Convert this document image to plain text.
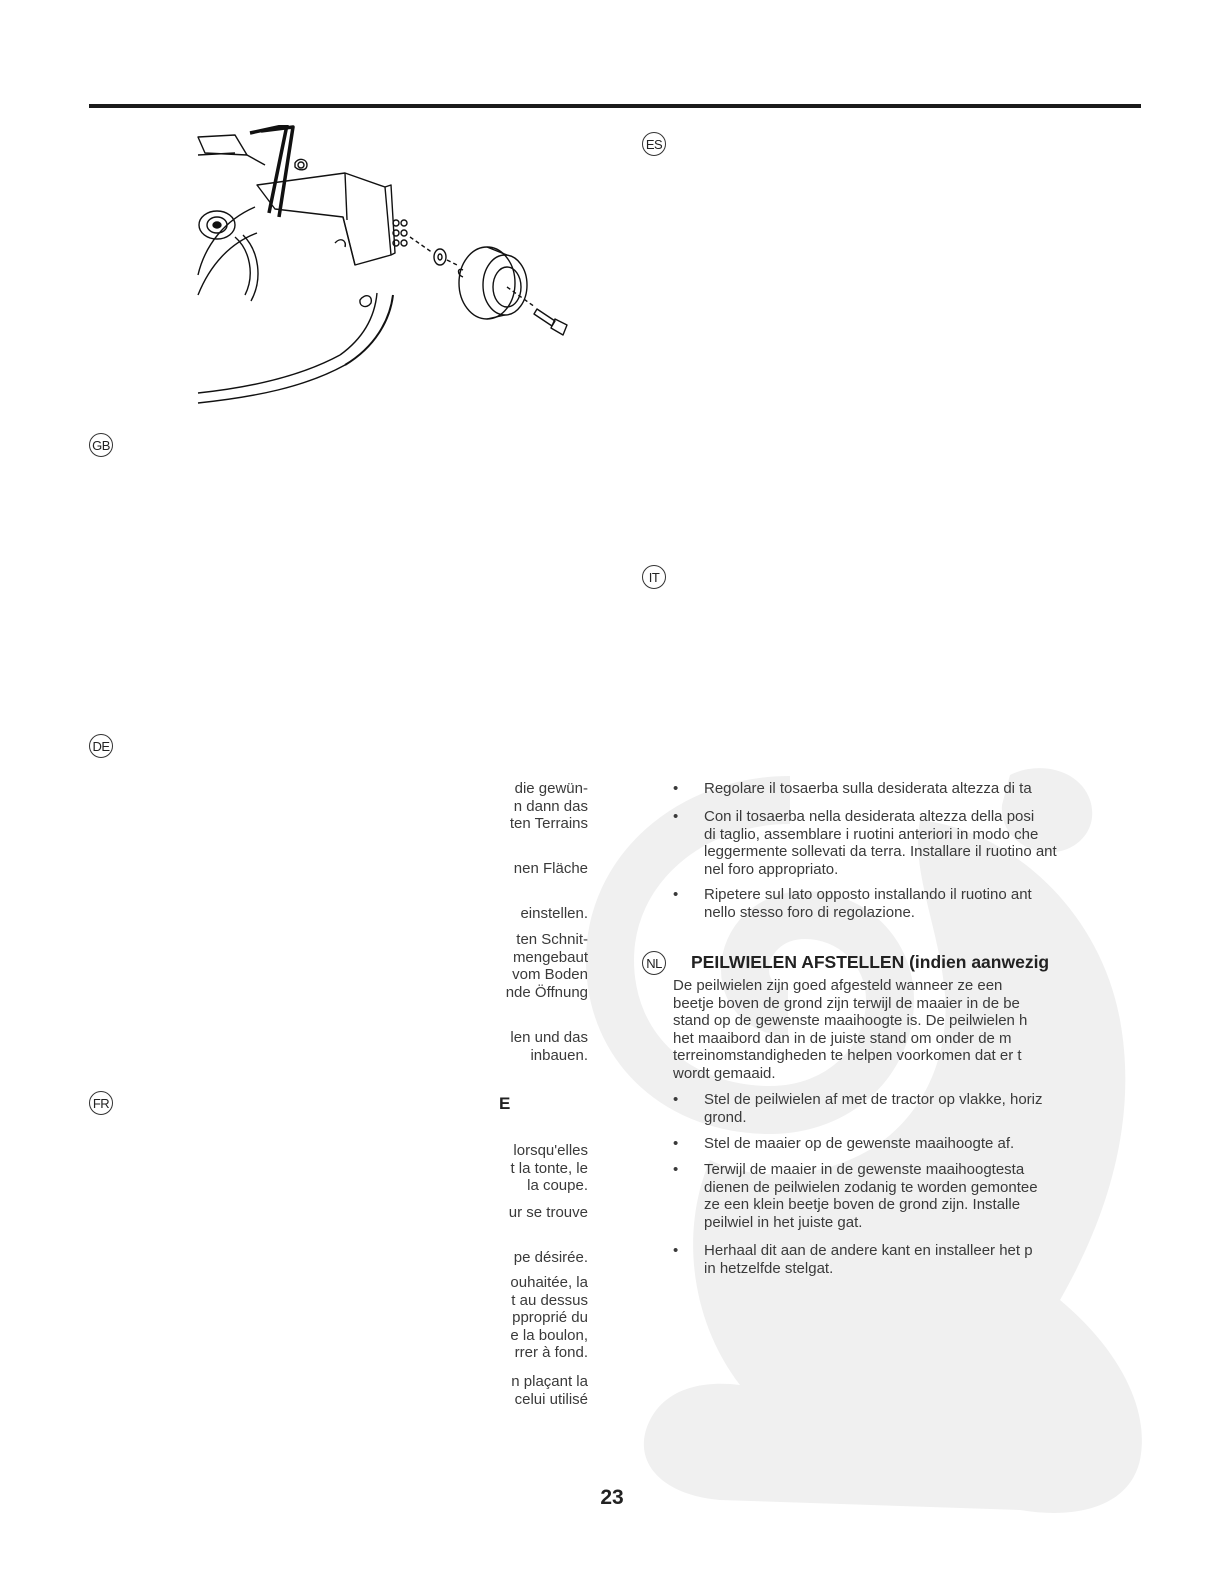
GB
DE
FR
ES
IT
NL
die gewün-
n dann das
ten Terrains
nen Fläche
einstellen.
ten Schnit-
mengebaut
vom Boden
nde Öffnung
len und das
inbauen.
E
lorsqu'elles
t la tonte, le
la coupe.
ur se trouve
pe désirée.
ouhaitée, la
t au dessus
pproprié du
e la boulon,
rrer à fond.
n plaçant la
celui utilisé
• Regolare il tosaerba sulla desiderata altezza di ta
• Con il tosaerba nella desiderata altezza della posi
di taglio, assemblare i ruotini anteriori in modo che
leggermente sollevati da terra. Installare il ruotino ant
nel foro appropriato.
• Ripetere sul lato opposto installando il ruotino ant
nello stesso foro di regolazione.
PEILWIELEN AFSTELLEN (indien aanwezig
De peilwielen zijn goed afgesteld wanneer ze een
beetje boven de grond zijn terwijl de maaier in de be
stand op de gewenste maaihoogte is. De peilwielen h
het maaibord dan in de juiste stand om onder de m
terreinomstandigheden te helpen voorkomen dat er t
wordt gemaaid.
• Stel de peilwielen af met de tractor op vlakke, horiz
grond.
• Stel de maaier op de gewenste maaihoogte af.
• Terwijl de maaier in de gewenste maaihoogtesta
dienen de peilwielen zodanig te worden gemontee
ze een klein beetje boven de grond zijn. Installe
peilwiel in het juiste gat.
• Herhaal dit aan de andere kant en installeer het p
in hetzelfde stelgat.
23
